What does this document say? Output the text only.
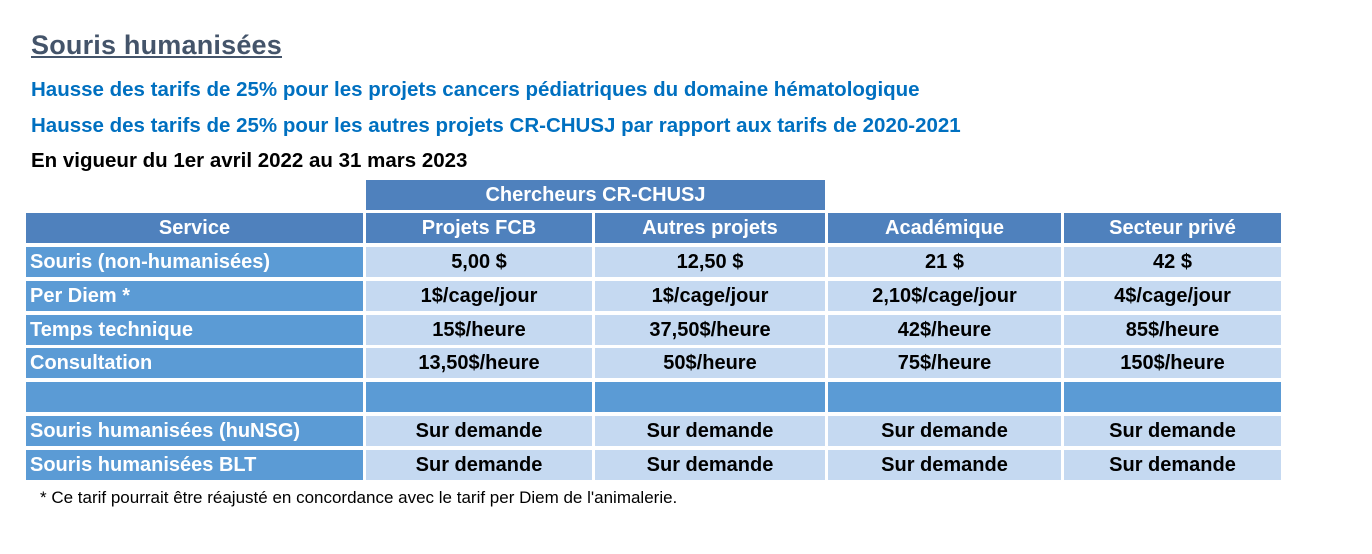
Souris humanisées
Hausse des tarifs de 25% pour les projets cancers pédiatriques du domaine hématologique
Hausse des tarifs de 25% pour les autres projets CR-CHUSJ par rapport aux tarifs de 2020-2021
En vigueur du 1er avril 2022 au 31 mars 2023
Chercheurs CR-CHUSJ
Service	Projets FCB	Autres projets	Académique	Secteur privé
Souris (non-humanisées)	5,00 $	12,50 $	21 $	42 $
Per Diem *	1$/cage/jour	1$/cage/jour	2,10$/cage/jour	4$/cage/jour
Temps technique	15$/heure	37,50$/heure	42$/heure	85$/heure
Consultation	13,50$/heure	50$/heure	75$/heure	150$/heure
Souris humanisées (huNSG)	Sur demande	Sur demande	Sur demande	Sur demande
Souris humanisées BLT	Sur demande	Sur demande	Sur demande	Sur demande
* Ce tarif pourrait être réajusté en concordance avec le tarif per Diem de l'animalerie.
